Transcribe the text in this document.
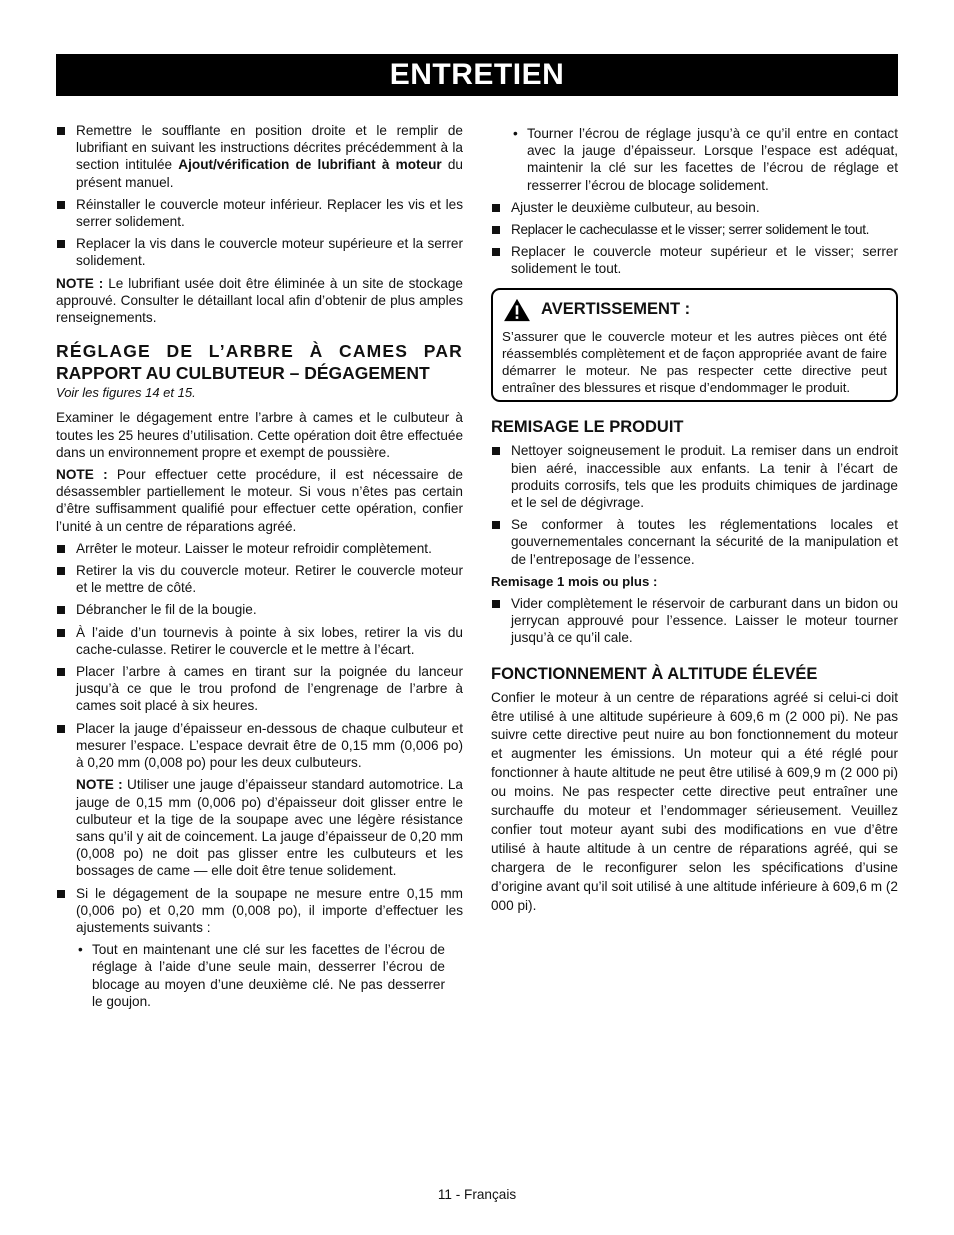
ENTRETIEN
Remettre le soufflante en position droite et le remplir de lubrifiant en suivant les instructions décrites précédemment à la section intitulée Ajout/vérification de lubrifiant à moteur du présent manuel.
Réinstaller le couvercle moteur inférieur. Replacer les vis et les serrer solidement.
Replacer la vis dans le couvercle moteur supérieure et la serrer solidement.

NOTE : Le lubrifiant usée doit être éliminée à un site de stockage approuvé. Consulter le détaillant local afin d’obtenir de plus amples renseignements.

RÉGLAGE DE L’ARBRE À CAMES PAR
RAPPORT AU CULBUTEUR – DÉGAGEMENT
Voir les figures 14 et 15.

Examiner le dégagement entre l’arbre à cames et le culbuteur à toutes les 25 heures d’utilisation. Cette opération doit être effectuée dans un environnement propre et exempt de poussière.

NOTE : Pour effectuer cette procédure, il est nécessaire de désassembler partiellement le moteur. Si vous n’êtes pas certain d’être suffisamment qualifié pour effectuer cette opération, confier l’unité à un centre de réparations agréé.

Arrêter le moteur. Laisser le moteur refroidir complètement.
Retirer la vis du couvercle moteur. Retirer le couvercle moteur et le mettre de côté.
Débrancher le fil de la bougie.
À l’aide d’un tournevis à pointe à six lobes, retirer la vis du cache-culasse. Retirer le couvercle et le mettre à l’écart.
Placer l’arbre à cames en tirant sur la poignée du lanceur jusqu’à ce que le trou profond de l’engrenage de l’arbre à cames soit placé à six heures.
Placer la jauge d’épaisseur en-dessous de chaque culbuteur et mesurer l’espace. L’espace devrait être de 0,15 mm (0,006 po) à 0,20 mm (0,008 po) pour les deux culbuteurs.
NOTE : Utiliser une jauge d’épaisseur standard automotrice. La jauge de 0,15 mm (0,006 po) d’épaisseur doit glisser entre le culbuteur et la tige de la soupape avec une légère résistance sans qu’il y ait de coincement. La jauge d’épaisseur de 0,20 mm (0,008 po) ne doit pas glisser entre les culbuteurs et les bossages de came — elle doit être tenue solidement.
Si le dégagement de la soupape ne mesure entre 0,15 mm (0,006 po) et 0,20 mm (0,008 po), il importe d’effectuer les ajustements suivants :
• Tout en maintenant une clé sur les facettes de l’écrou de réglage à l’aide d’une seule main, desserrer l’écrou de blocage au moyen d’une deuxième clé. Ne pas desserrer le goujon.
• Tourner l’écrou de réglage jusqu’à ce qu’il entre en contact avec la jauge d’épaisseur. Lorsque l’espace est adéquat, maintenir la clé sur les facettes de l’écrou de réglage et resserrer l’écrou de blocage solidement.
Ajuster le deuxième culbuteur, au besoin.
Replacer le cacheculasse et le visser; serrer solidement le tout.
Replacer le couvercle moteur supérieur et le visser; serrer solidement le tout.
AVERTISSEMENT :

S’assurer que le couvercle moteur et les autres pièces ont été réassemblés complètement et de façon appropriée avant de faire démarrer le moteur. Ne pas respecter cette directive peut entraîner des blessures et risque d’endommager le produit.

REMISAGE LE PRODUIT
Nettoyer soigneusement le produit. La remiser dans un endroit bien aéré, inaccessible aux enfants. La tenir à l’écart de produits corrosifs, tels que les produits chimiques de jardinage et le sel de dégivrage.
Se conformer à toutes les réglementations locales et gouvernementales concernant la sécurité de la manipulation et de l’entreposage de l’essence.
Remisage 1 mois ou plus :
Vider complètement le réservoir de carburant dans un bidon ou jerrycan approuvé pour l’essence. Laisser le moteur tourner jusqu’à ce qu’il cale.
FONCTIONNEMENT À ALTITUDE ÉLEVÉE

Confier le moteur à un centre de réparations agréé si celui-ci doit être utilisé à une altitude supérieure à 609,6 m (2 000 pi). Ne pas suivre cette directive peut nuire au bon fonctionnement du moteur et augmenter les émissions. Un moteur qui a été réglé pour fonctionner à haute altitude ne peut être utilisé à 609,9 m (2 000 pi) ou moins. Ne pas respecter cette directive peut entraîner une surchauffe du moteur et l’endommager sérieusement. Veuillez confier tout moteur ayant subi des modifications en vue d’être utilisé à haute altitude à un centre de réparations agréé, qui se chargera de le reconfigurer selon les spécifications d’usine d’origine avant qu’il soit utilisé à une altitude inférieure à 609,6 m (2 000 pi).

11 - Français
